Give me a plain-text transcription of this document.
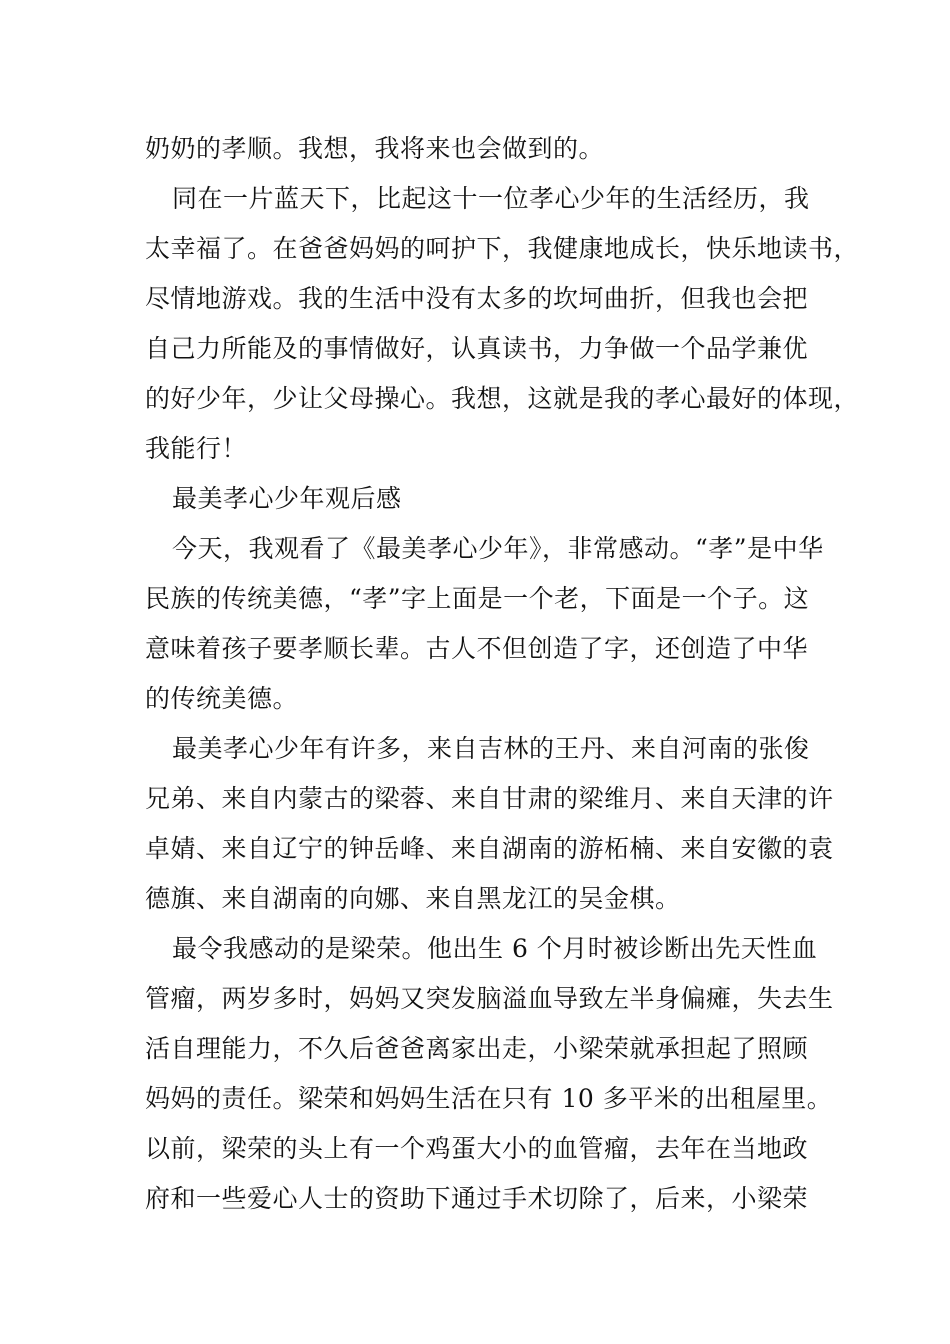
奶奶的孝顺。我想，我将来也会做到的。
同在一片蓝天下，比起这十一位孝心少年的生活经历，我
太幸福了。在爸爸妈妈的呵护下，我健康地成长，快乐地读书，
尽情地游戏。我的生活中没有太多的坎坷曲折，但我也会把
自己力所能及的事情做好，认真读书，力争做一个品学兼优
的好少年，少让父母操心。我想，这就是我的孝心最好的体现，
我能行！
最美孝心少年观后感
今天，我观看了《最美孝心少年》，非常感动。“孝”是中华
民族的传统美德，“孝”字上面是一个老，下面是一个子。这
意味着孩子要孝顺长辈。古人不但创造了字，还创造了中华
的传统美德。
最美孝心少年有许多，来自吉林的王丹、来自河南的张俊
兄弟、来自内蒙古的梁蓉、来自甘肃的梁维月、来自天津的许
卓婧、来自辽宁的钟岳峰、来自湖南的游柘楠、来自安徽的袁
德旗、来自湖南的向娜、来自黑龙江的吴金棋。
最令我感动的是梁荣。他出生 6 个月时被诊断出先天性血
管瘤，两岁多时，妈妈又突发脑溢血导致左半身偏瘫，失去生
活自理能力，不久后爸爸离家出走，小梁荣就承担起了照顾
妈妈的责任。梁荣和妈妈生活在只有 10 多平米的出租屋里。
以前，梁荣的头上有一个鸡蛋大小的血管瘤，去年在当地政
府和一些爱心人士的资助下通过手术切除了，后来，小梁荣
